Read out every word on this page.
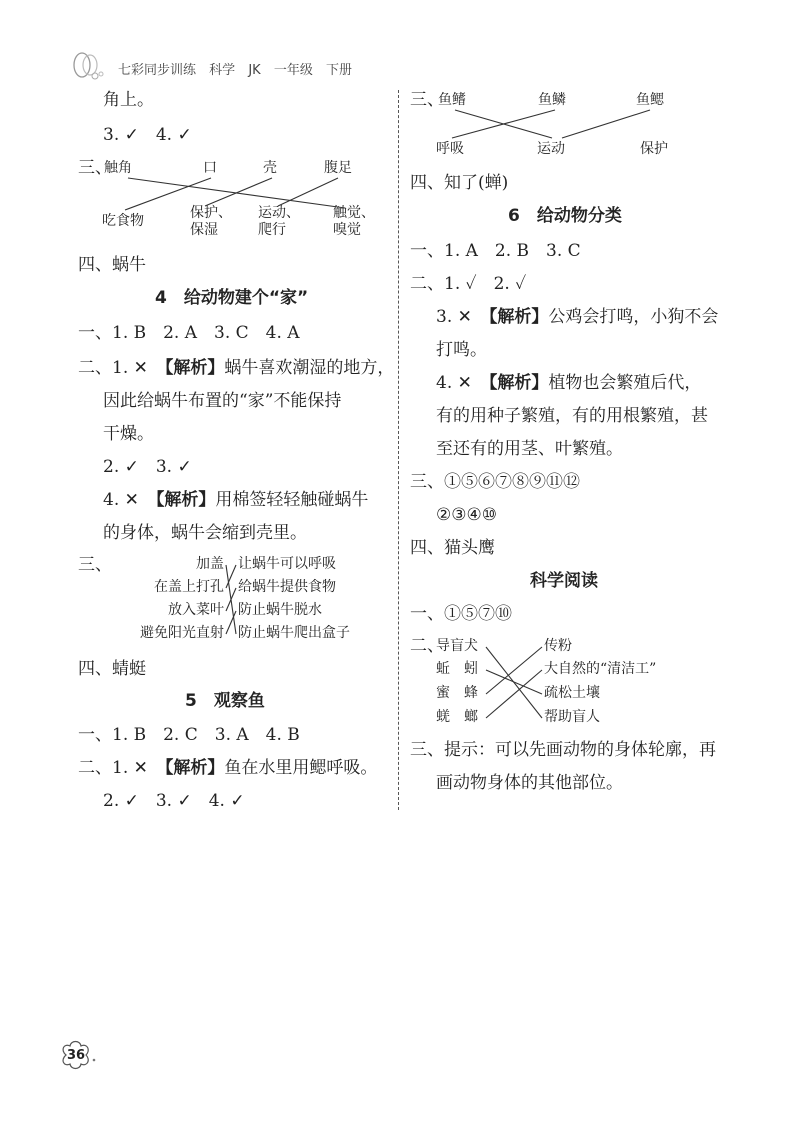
七彩同步训练 科学 JK 一年级 下册
角上。
3. ✓　4. ✓
三、
触角	口	壳	腹足
吃食物	保护、
保湿
运动、
爬行
触觉、
嗅觉
四、蜗牛
4　给动物建个“家”
一、1. B　2. A　3. C　4. A
二、1. ✕　【解析】蜗牛喜欢潮湿的地方，
因此给蜗牛布置的“家”不能保持
干燥。
2. ✓　3. ✓
4. ✕　【解析】用棉签轻轻触碰蜗牛
的身体，蜗牛会缩到壳里。
三、	加盖
在盖上打孔
放入菜叶
避免阳光直射
让蜗牛可以呼吸
给蜗牛提供食物
防止蜗牛脱水
防止蜗牛爬出盒子
四、蜻蜓
5　观察鱼
一、1. B　2. C　3. A　4. B
二、1. ✕　【解析】鱼在水里用鳃呼吸。
2. ✓　3. ✓　4. ✓
三、
鱼鳍	鱼鳞	鱼鳃
呼吸	运动	保护
四、知了(蝉)
6　给动物分类
一、1. A　2. B　3. C
二、1. ✓　2. ✓
3. ✕　【解析】公鸡会打鸣，小狗不会
打鸣。
4. ✕　【解析】植物也会繁殖后代，
有的用种子繁殖，有的用根繁殖，甚
至还有的用茎、叶繁殖。
三、①⑤⑥⑦⑧⑨⑪⑫
②③④⑩
四、猫头鹰
科学阅读
一、①⑤⑦⑩
二、
导盲犬
蚯　蚓
蜜　蜂
蜣　螂
传粉
大自然的“清洁工”
疏松土壤
帮助盲人
三、提示：可以先画动物的身体轮廓，再
画动物身体的其他部位。
36
